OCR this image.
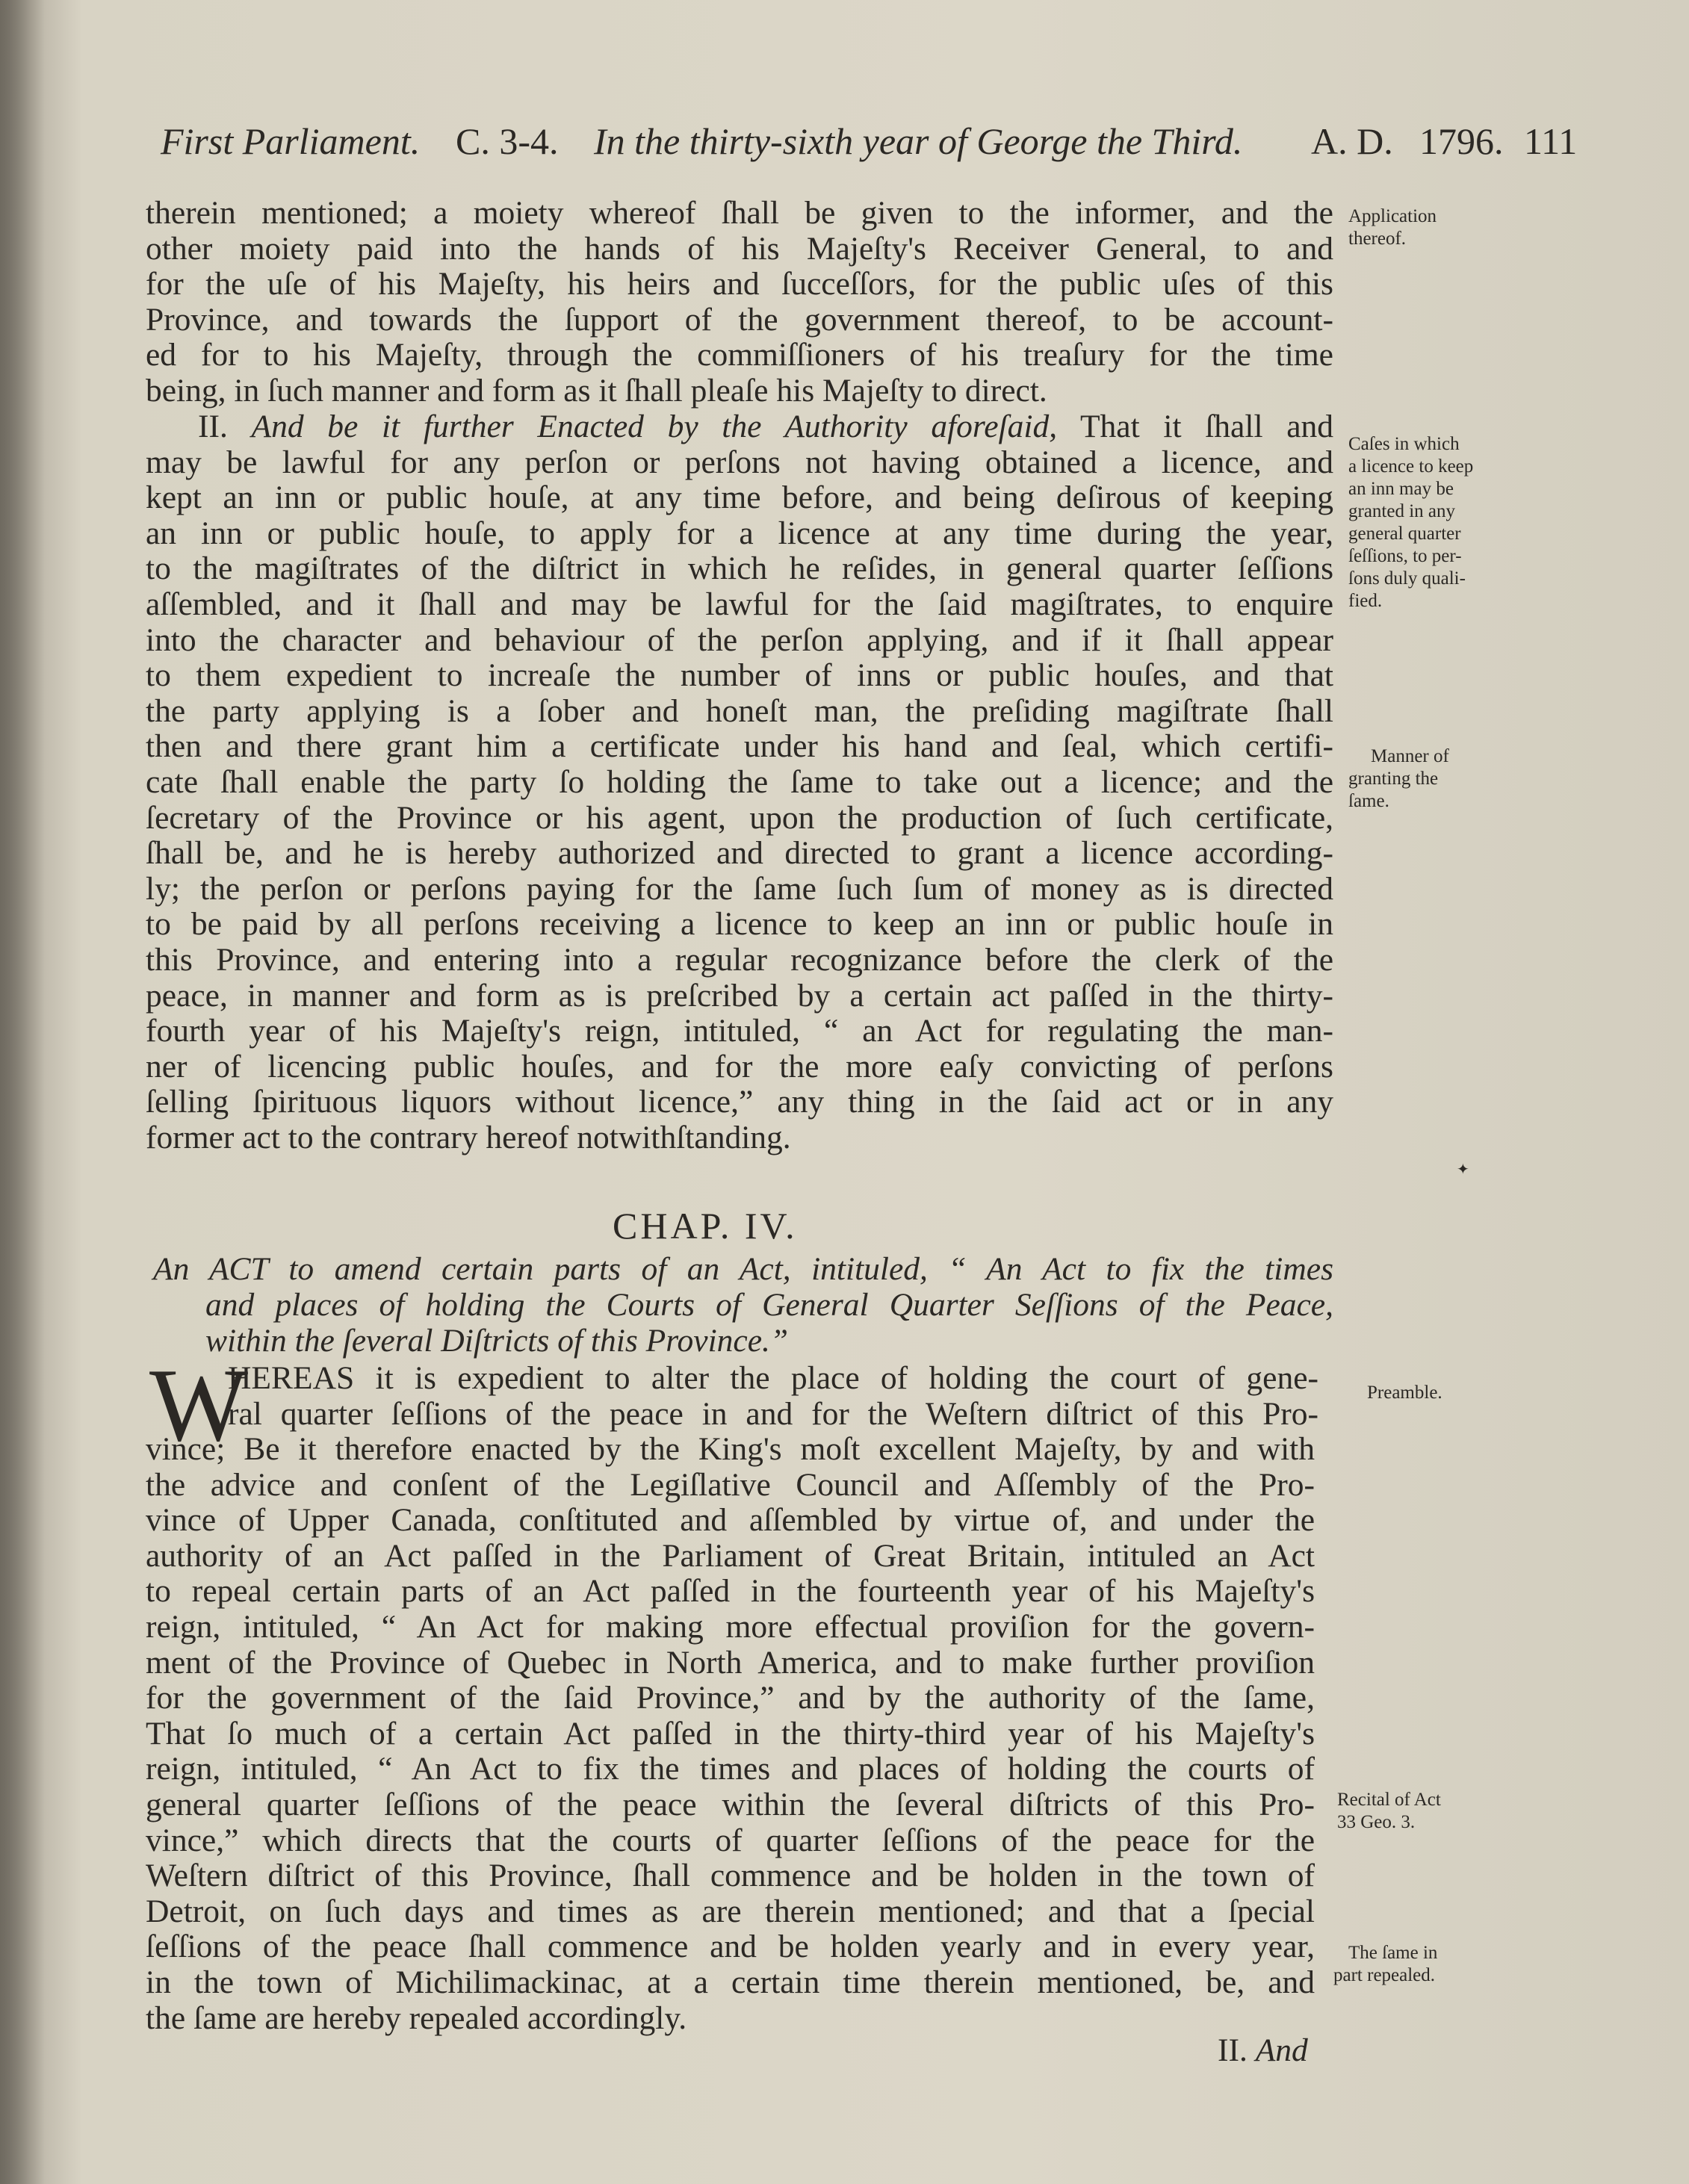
First Parliament. C. 3-4. In the thirty-sixth year of George the Third. A. D. 1796. 111
therein mentioned; a moiety whereof ſhall be given to the informer, and the
other moiety paid into the hands of his Majeſty's Receiver General, to and
for the uſe of his Majeſty, his heirs and ſucceſſors, for the public uſes of this
Province, and towards the ſupport of the government thereof, to be account-
ed for to his Majeſty, through the commiſſioners of his treaſury for the time
being, in ſuch manner and form as it ſhall pleaſe his Majeſty to direct.
II. And be it further Enacted by the Authority aforeſaid, That it ſhall and
may be lawful for any perſon or perſons not having obtained a licence, and
kept an inn or public houſe, at any time before, and being deſirous of keeping
an inn or public houſe, to apply for a licence at any time during the year,
to the magiſtrates of the diſtrict in which he reſides, in general quarter ſeſſions
aſſembled, and it ſhall and may be lawful for the ſaid magiſtrates, to enquire
into the character and behaviour of the perſon applying, and if it ſhall appear
to them expedient to increaſe the number of inns or public houſes, and that
the party applying is a ſober and honeſt man, the preſiding magiſtrate ſhall
then and there grant him a certificate under his hand and ſeal, which certifi-
cate ſhall enable the party ſo holding the ſame to take out a licence; and the
ſecretary of the Province or his agent, upon the production of ſuch certificate,
ſhall be, and he is hereby authorized and directed to grant a licence according-
ly; the perſon or perſons paying for the ſame ſuch ſum of money as is directed
to be paid by all perſons receiving a licence to keep an inn or public houſe in
this Province, and entering into a regular recognizance before the clerk of the
peace, in manner and form as is preſcribed by a certain act paſſed in the thirty-
fourth year of his Majeſty's reign, intituled, “ an Act for regulating the man-
ner of licencing public houſes, and for the more eaſy convicting of perſons
ſelling ſpirituous liquors without licence,” any thing in the ſaid act or in any
former act to the contrary hereof notwithſtanding.
CHAP. IV.
An ACT to amend certain parts of an Act, intituled, “ An Act to fix the times
and places of holding the Courts of General Quarter Seſſions of the Peace,
within the ſeveral Diſtricts of this Province.”
W
HEREAS it is expedient to alter the place of holding the court of gene-
ral quarter ſeſſions of the peace in and for the Weſtern diſtrict of this Pro-
vince; Be it therefore enacted by the King's moſt excellent Majeſty, by and with
the advice and conſent of the Legiſlative Council and Aſſembly of the Pro-
vince of Upper Canada, conſtituted and aſſembled by virtue of, and under the
authority of an Act paſſed in the Parliament of Great Britain, intituled an Act
to repeal certain parts of an Act paſſed in the fourteenth year of his Majeſty's
reign, intituled, “ An Act for making more effectual proviſion for the govern-
ment of the Province of Quebec in North America, and to make further proviſion
for the government of the ſaid Province,” and by the authority of the ſame,
That ſo much of a certain Act paſſed in the thirty-third year of his Majeſty's
reign, intituled, “ An Act to fix the times and places of holding the courts of
general quarter ſeſſions of the peace within the ſeveral diſtricts of this Pro-
vince,” which directs that the courts of quarter ſeſſions of the peace for the
Weſtern diſtrict of this Province, ſhall commence and be holden in the town of
Detroit, on ſuch days and times as are therein mentioned; and that a ſpecial
ſeſſions of the peace ſhall commence and be holden yearly and in every year,
in the town of Michilimackinac, at a certain time therein mentioned, be, and
the ſame are hereby repealed accordingly.
II. And
Application
thereof.
Caſes in which
a licence to keep
an inn may be
granted in any
general quarter
ſeſſions, to per-
ſons duly quali-
fied.
Manner of
granting the
ſame.
Preamble.
Recital of Act
33 Geo. 3.
The ſame in
part repealed.
✦
